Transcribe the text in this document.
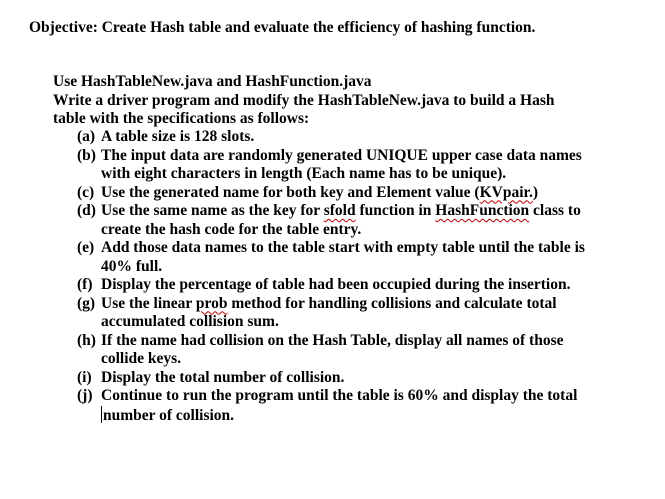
Objective: Create Hash table and evaluate the efficiency of hashing function.
Use HashTableNew.java and HashFunction.java
Write a driver program and modify the HashTableNew.java to build a Hash
table with the specifications as follows:
(a) A table size is 128 slots.
(b) The input data are randomly generated UNIQUE upper case data names
with eight characters in length (Each name has to be unique).
(c) Use the generated name for both key and Element value (KVpair.)
(d) Use the same name as the key for sfold function in HashFunction class to
create the hash code for the table entry.
(e) Add those data names to the table start with empty table until the table is
40% full.
(f) Display the percentage of table had been occupied during the insertion.
(g) Use the linear prob method for handling collisions and calculate total
accumulated collision sum.
(h) If the name had collision on the Hash Table, display all names of those
collide keys.
(i) Display the total number of collision.
(j) Continue to run the program until the table is 60% and display the total
number of collision.
